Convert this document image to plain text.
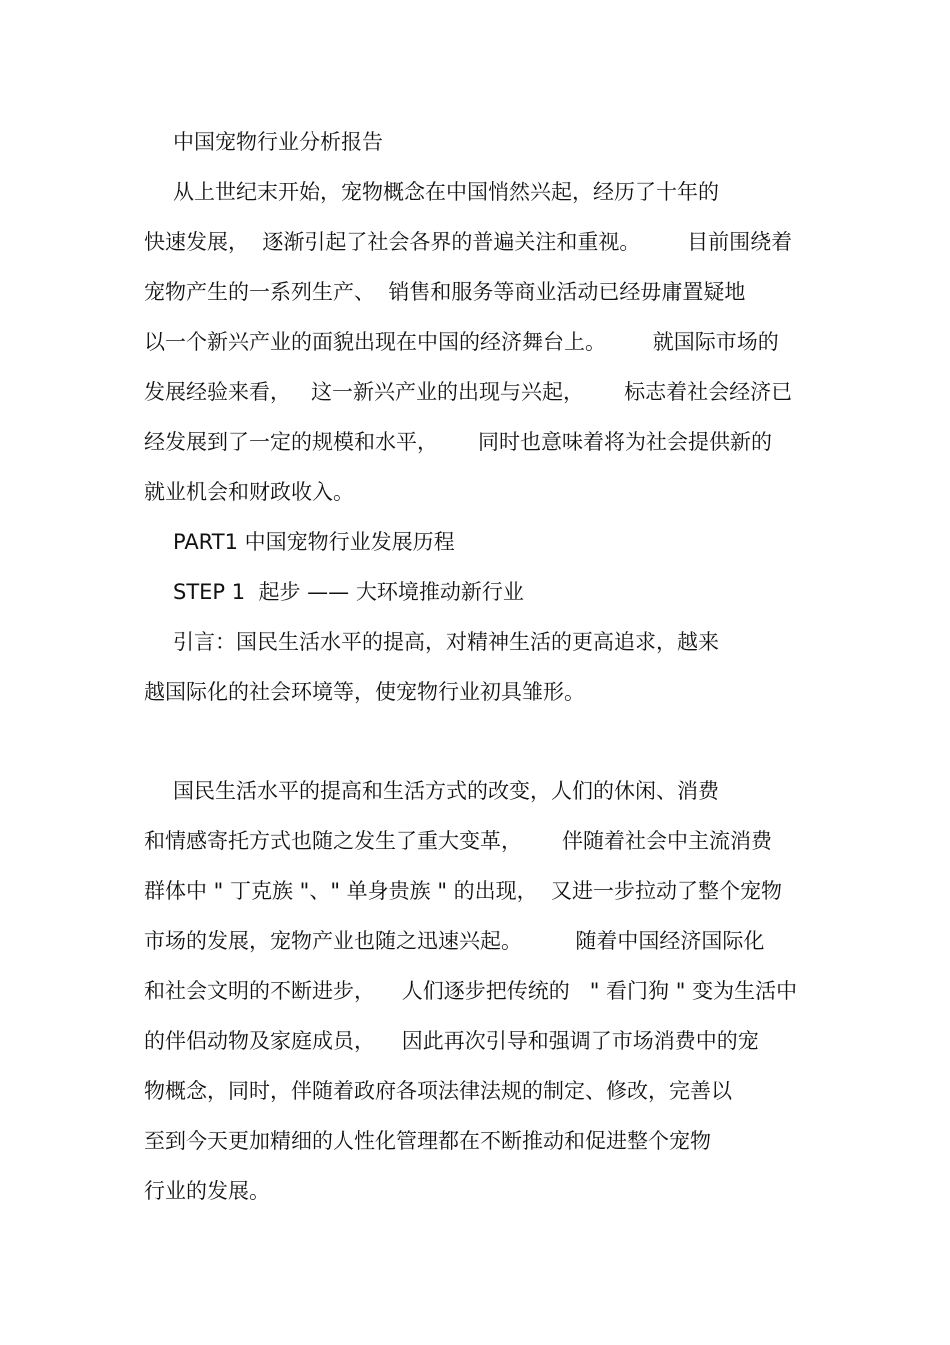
中国宠物行业分析报告
从上世纪末开始，宠物概念在中国悄然兴起，经历了十年的
快速发展，  逐渐引起了社会各界的普遍关注和重视。       目前围绕着
宠物产生的一系列生产、  销售和服务等商业活动已经毋庸置疑地
以一个新兴产业的面貌出现在中国的经济舞台上。       就国际市场的
发展经验来看，   这一新兴产业的出现与兴起，      标志着社会经济已
经发展到了一定的规模和水平，      同时也意味着将为社会提供新的
就业机会和财政收入。
PART1 中国宠物行业发展历程
STEP 1  起步 —— 大环境推动新行业
引言：国民生活水平的提高，对精神生活的更高追求，越来
越国际化的社会环境等，使宠物行业初具雏形。
国民生活水平的提高和生活方式的改变，人们的休闲、消费
和情感寄托方式也随之发生了重大变革，      伴随着社会中主流消费
群体中 " 丁克族 "、" 单身贵族 " 的出现，  又进一步拉动了整个宠物
市场的发展，宠物产业也随之迅速兴起。        随着中国经济国际化
和社会文明的不断进步，    人们逐步把传统的   " 看门狗 " 变为生活中
的伴侣动物及家庭成员，    因此再次引导和强调了市场消费中的宠
物概念，同时，伴随着政府各项法律法规的制定、修改，完善以
至到今天更加精细的人性化管理都在不断推动和促进整个宠物
行业的发展。
